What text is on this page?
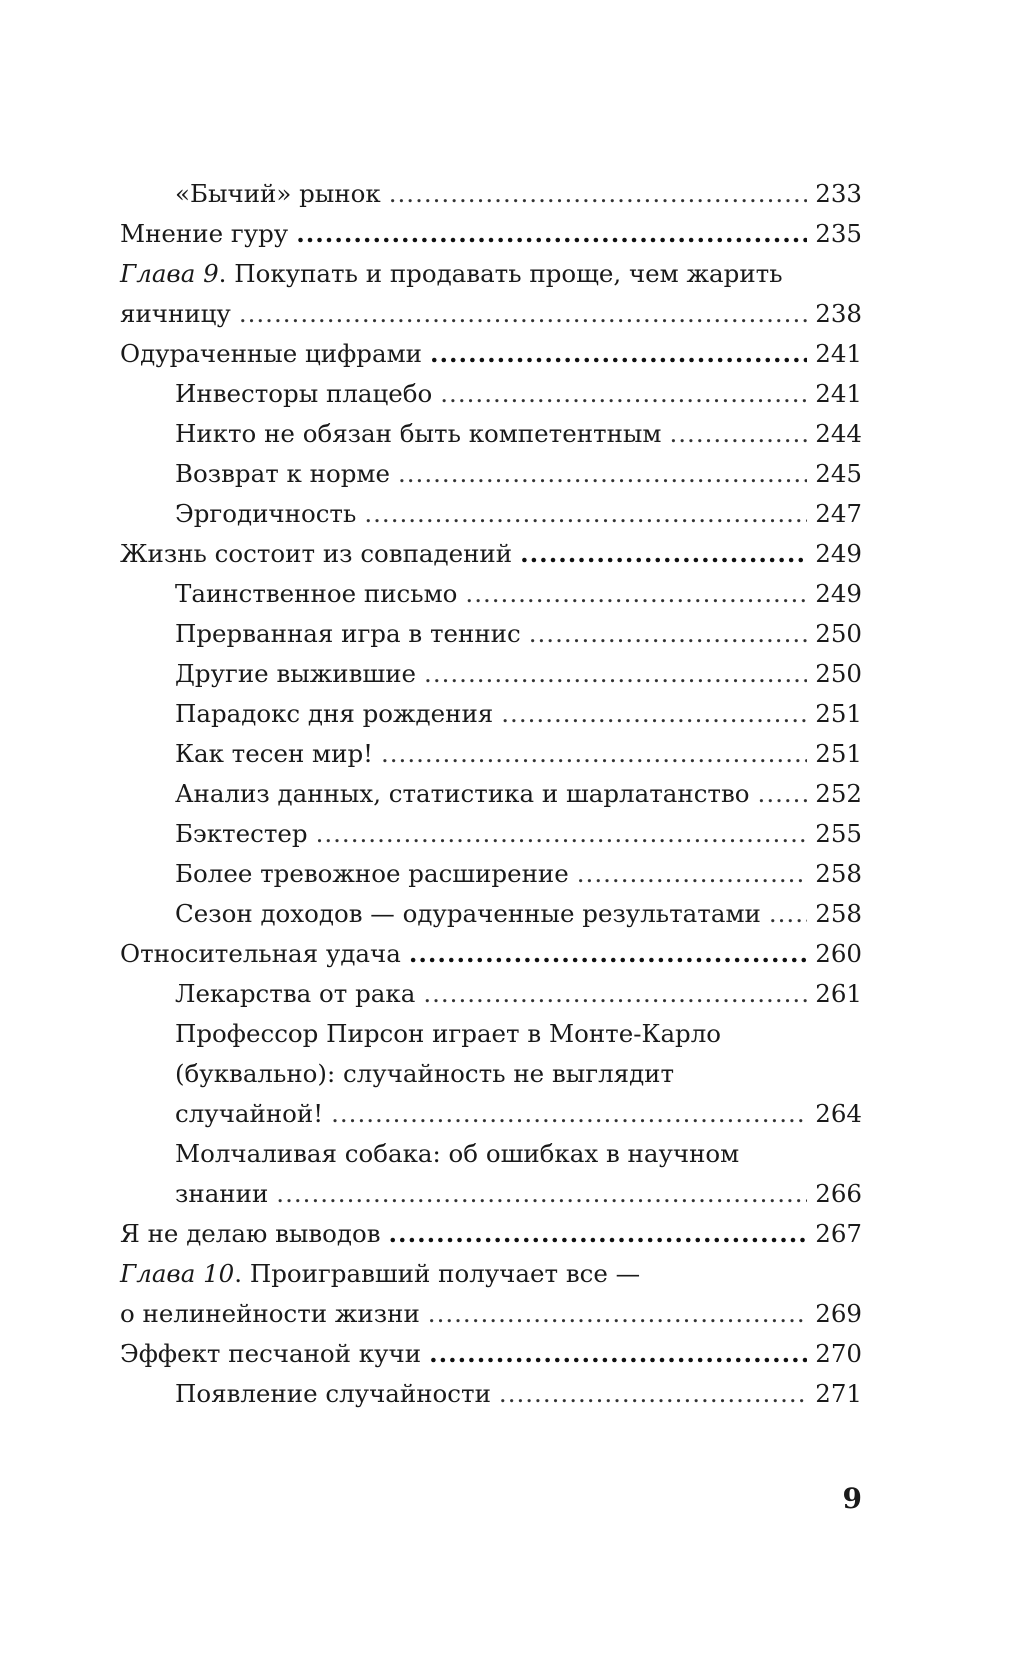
«Бычий» рынок .....	233
Мнение гуру .....	235
Глава 9. Покупать и продавать проще, чем жарить
яичницу .....	238
Одураченные цифрами .....	241
Инвесторы плацебо .....	241
Никто не обязан быть компетентным .....	244
Возврат к норме .....	245
Эргодичность .....	247
Жизнь состоит из совпадений .....	249
Таинственное письмо .....	249
Прерванная игра в теннис .....	250
Другие выжившие .....	250
Парадокс дня рождения .....	251
Как тесен мир! .....	251
Анализ данных, статистика и шарлатанство .....	252
Бэктестер .....	255
Более тревожное расширение .....	258
Сезон доходов — одураченные результатами ..... 258
Относительная удача .....	260
Лекарства от рака .....	261
Профессор Пирсон играет в Монте-Карло
(буквально): случайность не выглядит
случайной! .....	264
Молчаливая собака: об ошибках в научном
знании .....	266
Я не делаю выводов .....	267
Глава 10. Проигравший получает все —
о нелинейности жизни .....	269
Эффект песчаной кучи .....	270
Появление случайности .....	271
9
